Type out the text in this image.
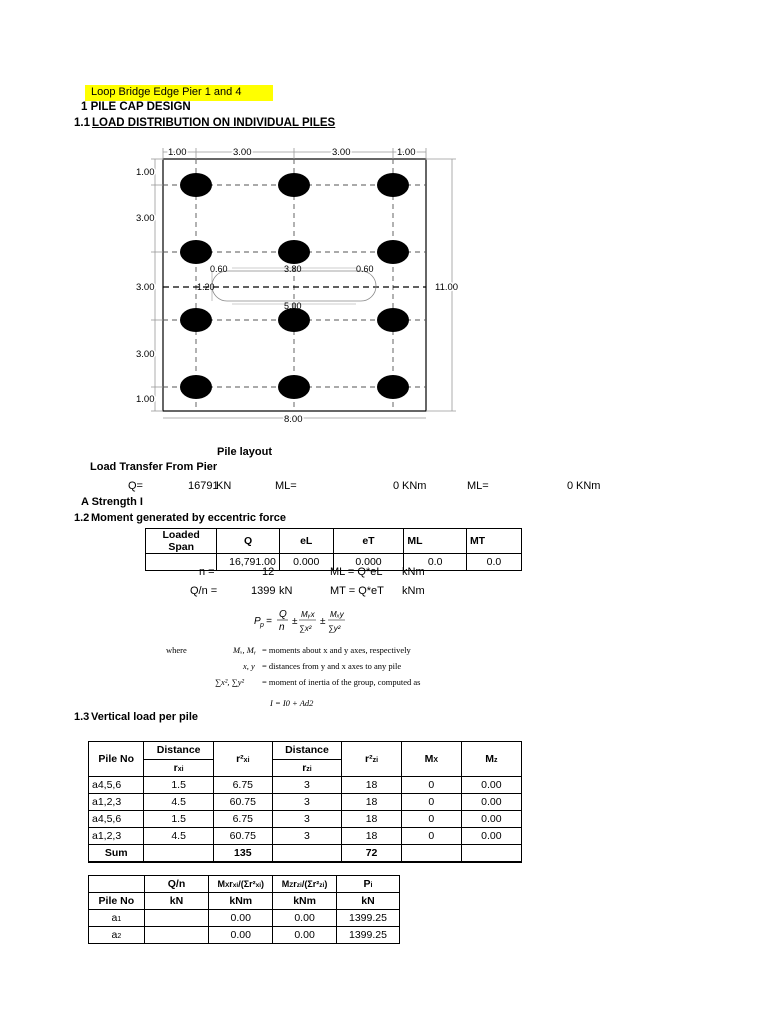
Loop Bridge Edge Pier 1 and 4
1 PILE CAP DESIGN
1.1 LOAD DISTRIBUTION ON INDIVIDUAL PILES
1.00	3.00	3.00	1.00
1.00
3.00
3.00
3.00
1.00
11.00
8.00
0.60	3.80	0.60
1.20
5.00
Pile layout
Load Transfer From Pier
Q=	16791
KN	ML=	0 KNm	ML=	0 KNm
A Strength I
1.2 Moment generated by eccentric force
Loaded Span	Q	eL	eT	ML	MT
	16,791.00	0.000	0.000	0.0	0.0
n =	12	ML = Q*eL kNm
Q/n =	1399 kN	MT = Q*eT kNm
P p =
Q
n
±
Mᵧx
∑x²
±
Mₓy
∑y²
where	Mₓ, Mᵧ = moments about x and y axes, respectively
x, y = distances from y and x axes to any pile
∑x², ∑y² = moment of inertia of the group, computed as
I = I0 + Ad2
1.3 Vertical load per pile
Pile No	Distance	r²xi	Distance	r²zi	MX	Mz
	rxi		rzi			
a4,5,6	1.5	6.75	3	18	0	0.00
a1,2,3	4.5	60.75	3	18	0	0.00
a4,5,6	1.5	6.75	3	18	0	0.00
a1,2,3	4.5	60.75	3	18	0	0.00
Sum		135		72		
	Q/n	MXrxi/(Σr²xi)	MZrzi/(Σr²zi)	Pi
Pile No	kN	kNm	kNm	kN
a1		0.00	0.00	1399.25
a2		0.00	0.00	1399.25
